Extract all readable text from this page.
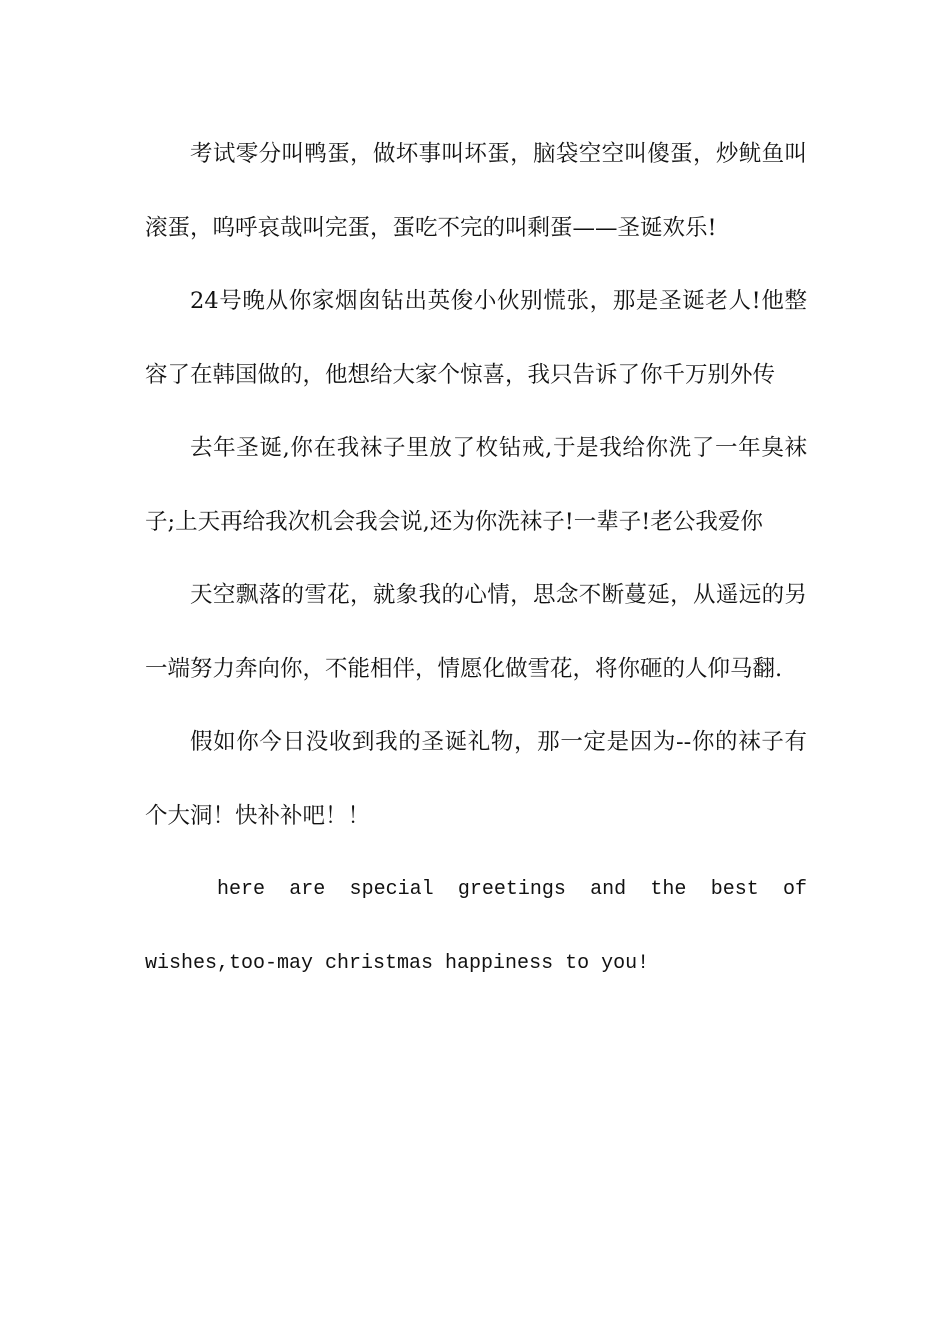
考试零分叫鸭蛋，做坏事叫坏蛋，脑袋空空叫傻蛋，炒鱿鱼叫滚蛋，呜呼哀哉叫完蛋，蛋吃不完的叫剩蛋——圣诞欢乐!

24号晚从你家烟囱钻出英俊小伙别慌张，那是圣诞老人!他整容了在韩国做的，他想给大家个惊喜，我只告诉了你千万别外传

去年圣诞,你在我袜子里放了枚钻戒,于是我给你洗了一年臭袜子;上天再给我次机会我会说,还为你洗袜子!一辈子!老公我爱你

天空飘落的雪花，就象我的心情，思念不断蔓延，从遥远的另一端努力奔向你，不能相伴，情愿化做雪花，将你砸的人仰马翻.

假如你今日没收到我的圣诞礼物，那一定是因为--你的袜子有个大洞！快补补吧！！

here are special greetings and the best of wishes,too-may christmas happiness to you!
